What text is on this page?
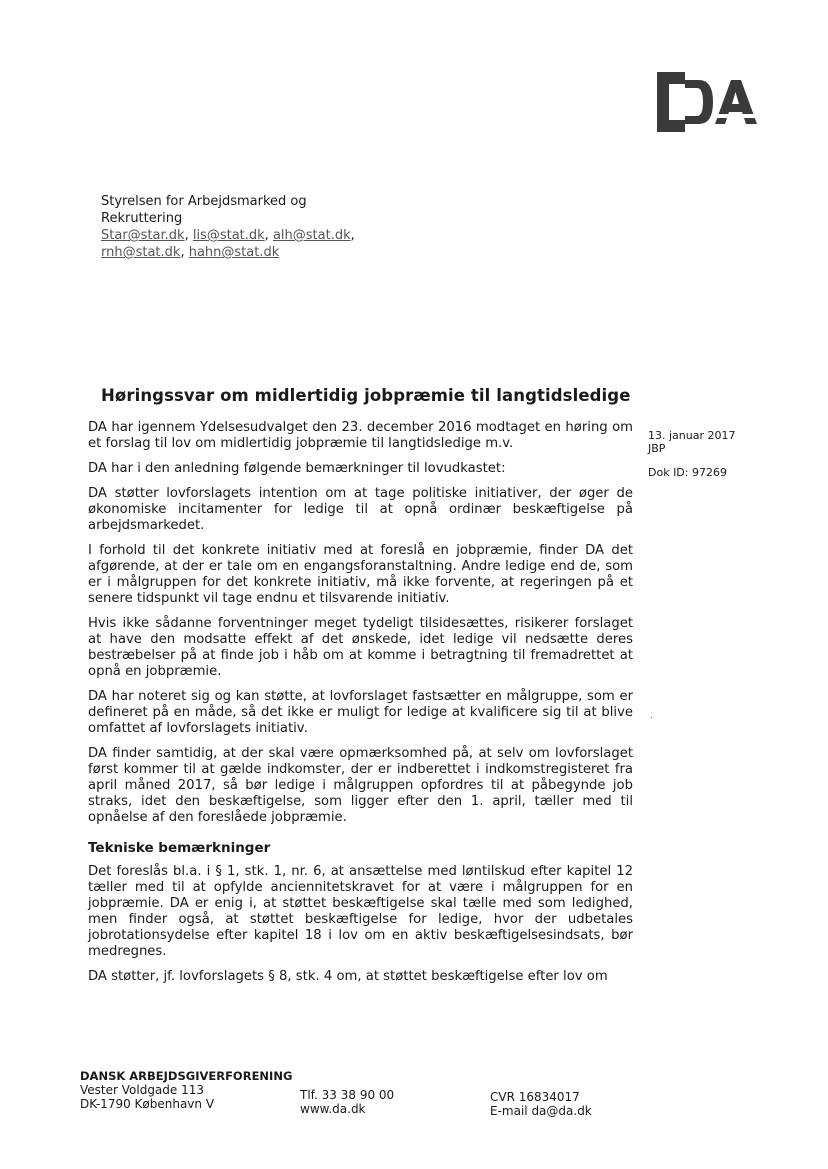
Styrelsen for Arbejdsmarked og
Rekruttering
Star@star.dk, lis@stat.dk, alh@stat.dk,
rnh@stat.dk, hahn@stat.dk
Høringssvar om midlertidig jobpræmie til langtidsledige
13. januar 2017
JBP
Dok ID: 97269
·

DA har igennem Ydelsesudvalget den 23. december 2016 modtaget en høring om et forslag til lov om midlertidig jobpræmie til langtidsledige m.v.

DA har i den anledning følgende bemærkninger til lovudkastet:

DA støtter lovforslagets intention om at tage politiske initiativer, der øger de økonomiske incitamenter for ledige til at opnå ordinær beskæftigelse på arbejdsmarkedet.

I forhold til det konkrete initiativ med at foreslå en jobpræmie, finder DA det afgørende, at der er tale om en engangsforanstaltning. Andre ledige end de, som er i målgruppen for det konkrete initiativ, må ikke forvente, at regeringen på et senere tidspunkt vil tage endnu et tilsvarende initiativ.

Hvis ikke sådanne forventninger meget tydeligt tilsidesættes, risikerer forslaget at have den modsatte effekt af det ønskede, idet ledige vil nedsætte deres bestræbelser på at finde job i håb om at komme i betragtning til fremadrettet at opnå en jobpræmie.

DA har noteret sig og kan støtte, at lovforslaget fastsætter en målgruppe, som er defineret på en måde, så det ikke er muligt for ledige at kvalificere sig til at blive omfattet af lovforslagets initiativ.

DA finder samtidig, at der skal være opmærksomhed på, at selv om lovforslaget først kommer til at gælde indkomster, der er indberettet i indkomstregisteret fra april måned 2017, så bør ledige i målgruppen opfordres til at påbegynde job straks, idet den beskæftigelse, som ligger efter den 1. april, tæller med til opnåelse af den foreslåede jobpræmie.

Tekniske bemærkninger

Det foreslås bl.a. i § 1, stk. 1, nr. 6, at ansættelse med løntilskud efter kapitel 12 tæller med til at opfylde anciennitetskravet for at være i målgruppen for en jobpræmie. DA er enig i, at støttet beskæftigelse skal tælle med som ledighed, men finder også, at støttet beskæftigelse for ledige, hvor der udbetales jobrotationsydelse efter kapitel 18 i lov om en aktiv beskæftigelsesindsats, bør medregnes.

DA støtter, jf. lovforslagets § 8, stk. 4 om, at støttet beskæftigelse efter lov om

DANSK ARBEJDSGIVERFORENING
Vester Voldgade 113
DK-1790 København V
Tlf. 33 38 90 00
www.da.dk
CVR 16834017
E-mail da@da.dk
